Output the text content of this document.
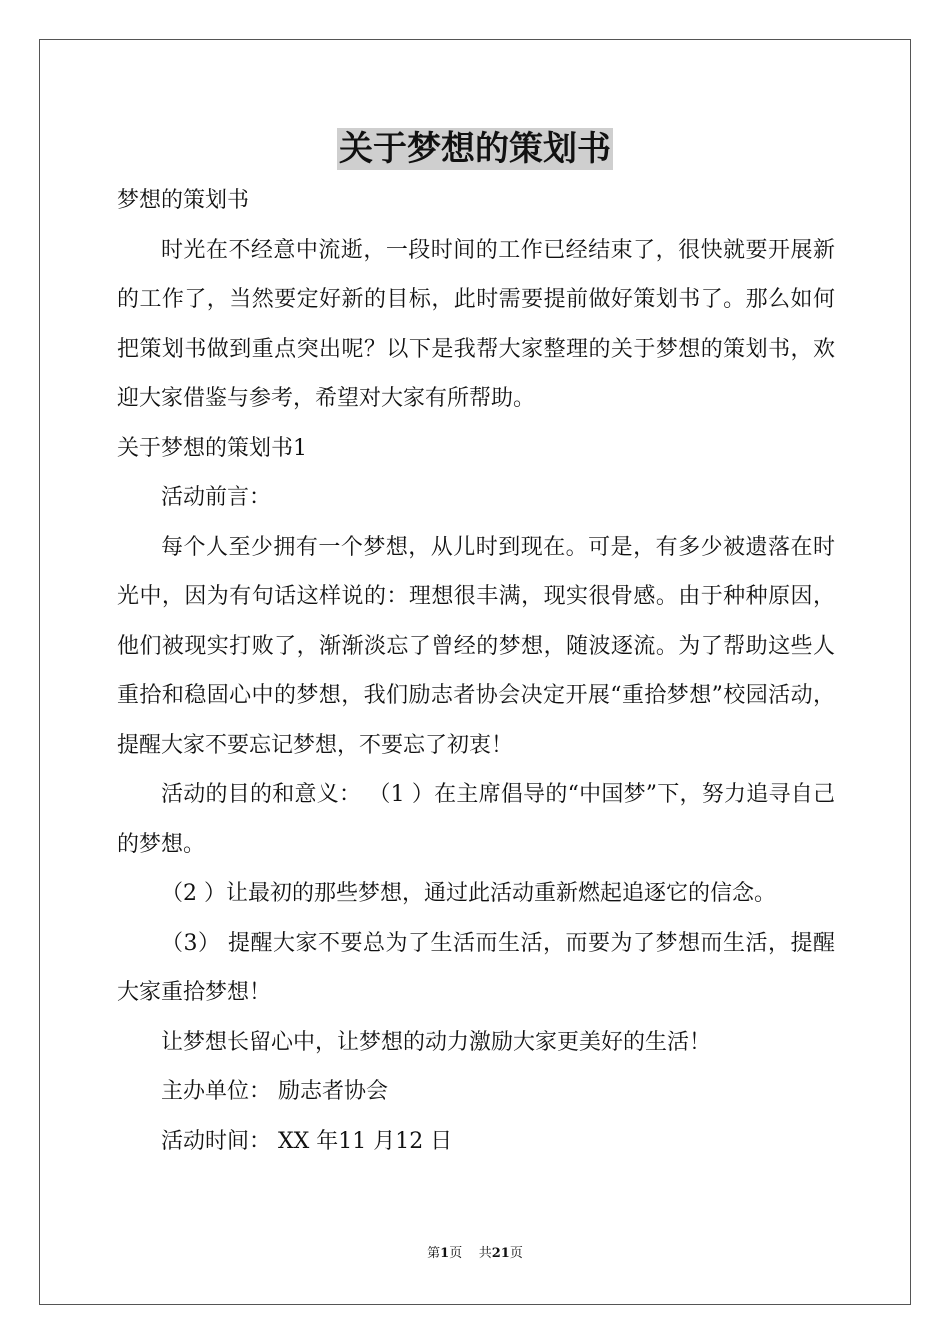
关于梦想的策划书

梦想的策划书

时光在不经意中流逝，一段时间的工作已经结束了，很快就要开展新的工作了，当然要定好新的目标，此时需要提前做好策划书了。那么如何把策划书做到重点突出呢？以下是我帮大家整理的关于梦想的策划书，欢迎大家借鉴与参考，希望对大家有所帮助。

关于梦想的策划书1

活动前言：

每个人至少拥有一个梦想，从儿时到现在。可是，有多少被遗落在时光中，因为有句话这样说的：理想很丰满，现实很骨感。由于种种原因，他们被现实打败了，渐渐淡忘了曾经的梦想，随波逐流。为了帮助这些人重拾和稳固心中的梦想，我们励志者协会决定开展“重拾梦想”校园活动，提醒大家不要忘记梦想，不要忘了初衷！

活动的目的和意义： （1 ）在主席倡导的“中国梦”下，努力追寻自己的梦想。

（2 ）让最初的那些梦想，通过此活动重新燃起追逐它的信念。

（3） 提醒大家不要总为了生活而生活，而要为了梦想而生活，提醒大家重拾梦想！

让梦想长留心中，让梦想的动力激励大家更美好的生活！

主办单位： 励志者协会

活动时间： XX 年11 月12 日

第1页 共21页
